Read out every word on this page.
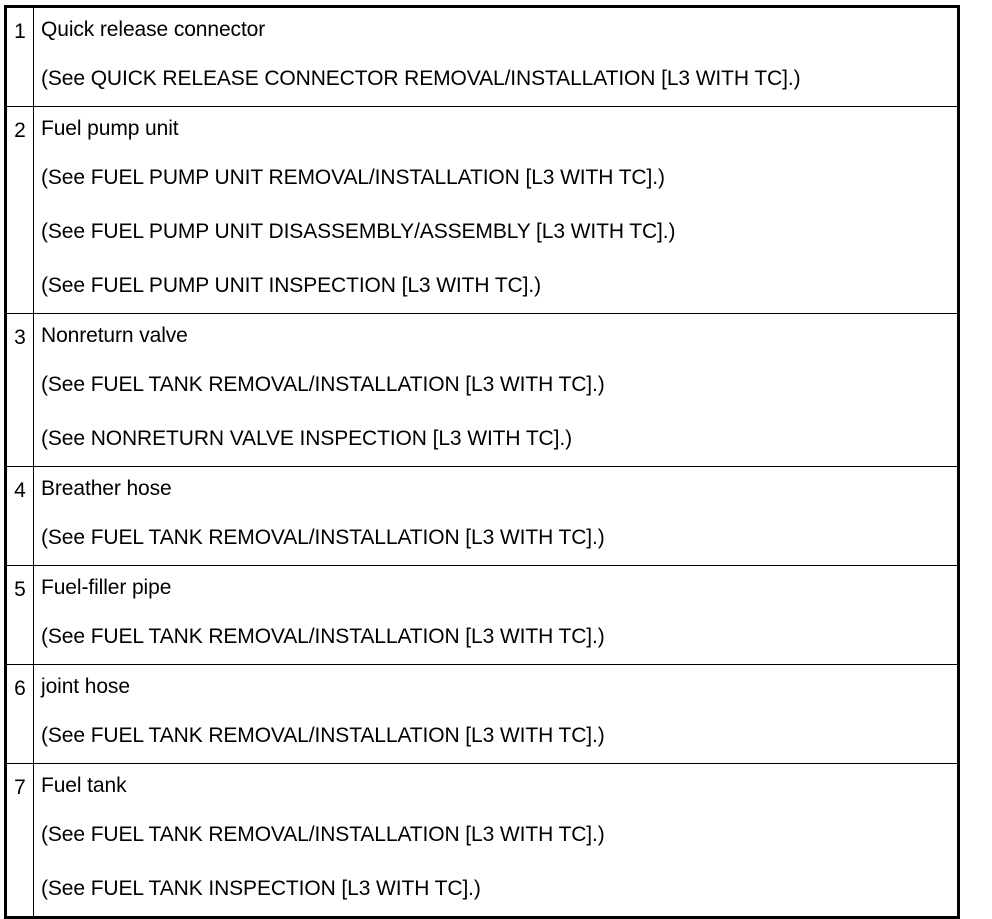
1	Quick release connector
(See QUICK RELEASE CONNECTOR REMOVAL/INSTALLATION [L3 WITH TC].)

2	Fuel pump unit
(See FUEL PUMP UNIT REMOVAL/INSTALLATION [L3 WITH TC].)
(See FUEL PUMP UNIT DISASSEMBLY/ASSEMBLY [L3 WITH TC].)
(See FUEL PUMP UNIT INSPECTION [L3 WITH TC].)

3	Nonreturn valve
(See FUEL TANK REMOVAL/INSTALLATION [L3 WITH TC].)
(See NONRETURN VALVE INSPECTION [L3 WITH TC].)

4	Breather hose
(See FUEL TANK REMOVAL/INSTALLATION [L3 WITH TC].)

5	Fuel-filler pipe
(See FUEL TANK REMOVAL/INSTALLATION [L3 WITH TC].)

6	joint hose
(See FUEL TANK REMOVAL/INSTALLATION [L3 WITH TC].)

7	Fuel tank
(See FUEL TANK REMOVAL/INSTALLATION [L3 WITH TC].)
(See FUEL TANK INSPECTION [L3 WITH TC].)
